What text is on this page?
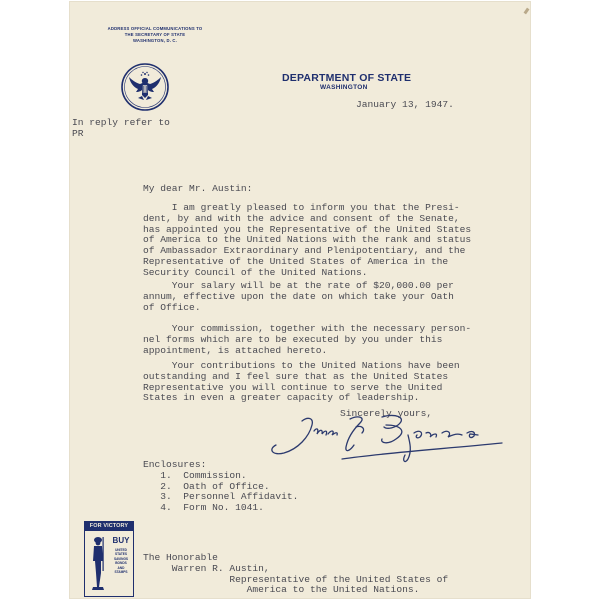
ADDRESS OFFICIAL COMMUNICATIONS TO
THE SECRETARY OF STATE
WASHINGTON, D. C.
DEPARTMENT OF STATE
WASHINGTON
January 13, 1947.
In reply refer to
PR
My dear Mr. Austin:
I am greatly pleased to inform you that the Presi-
dent, by and with the advice and consent of the Senate,
has appointed you the Representative of the United States
of America to the United Nations with the rank and status
of Ambassador Extraordinary and Plenipotentiary, and the
Representative of the United States of America in the
Security Council of the United Nations.
Your salary will be at the rate of $20,000.00 per
annum, effective upon the date on which take your Oath
of Office.
Your commission, together with the necessary person-
nel forms which are to be executed by you under this
appointment, is attached hereto.
Your contributions to the United Nations have been
outstanding and I feel sure that as the United States
Representative you will continue to serve the United
States in even a greater capacity of leadership.
Sincerely yours,
Enclosures:
1.  Commission.
2.  Oath of Office.
3.  Personnel Affidavit.
4.  Form No. 1041.
FOR VICTORY
BUY
UNITED
STATES
SAVINGS
BONDS
AND
STAMPS
The Honorable
Warren R. Austin,
Representative of the United States of
America to the United Nations.
